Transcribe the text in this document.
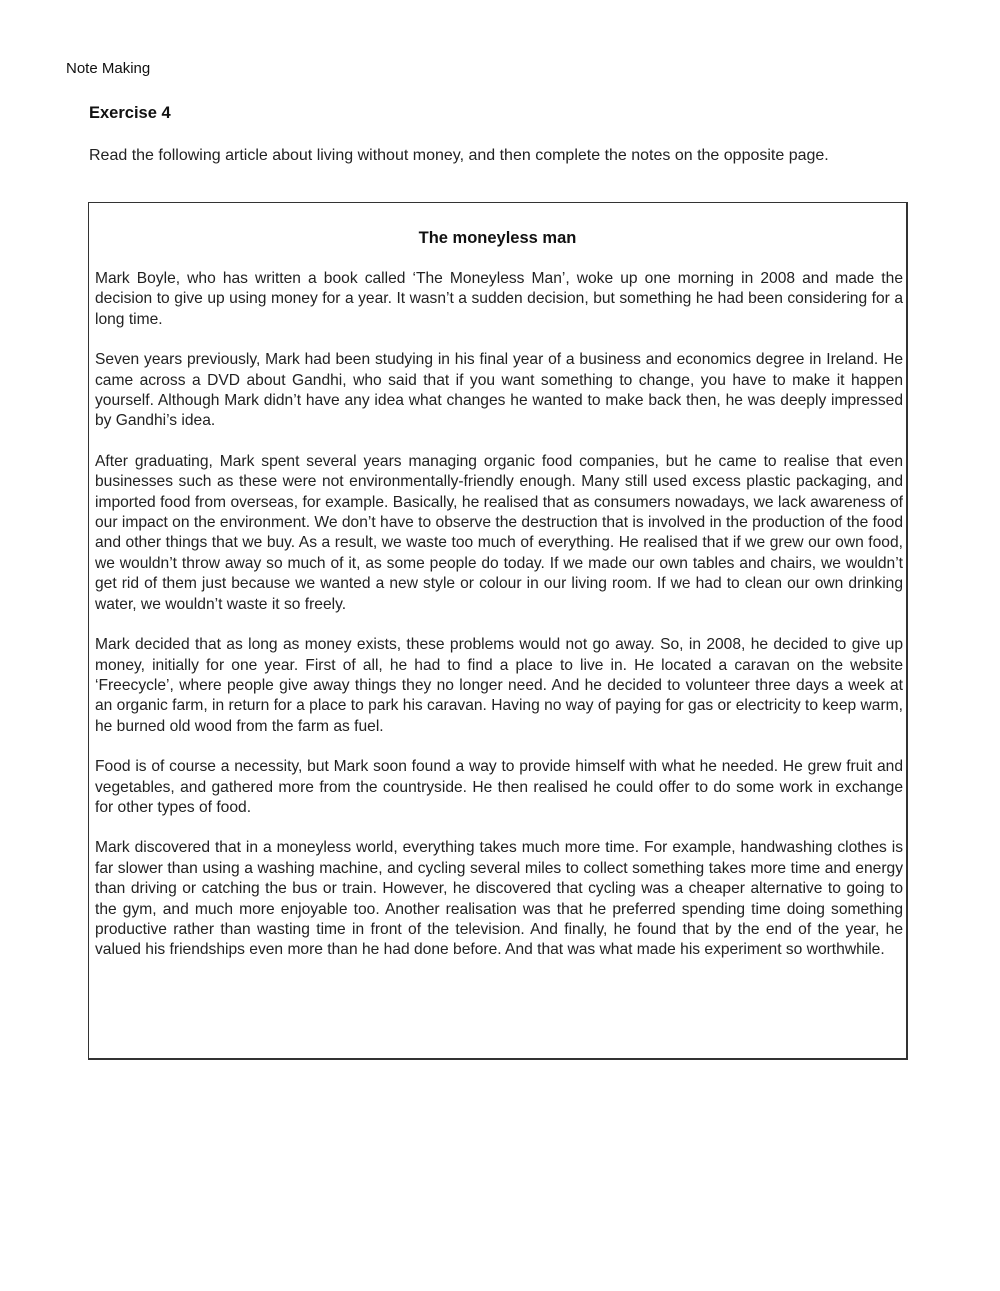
Note Making
Exercise 4

Read the following article about living without money, and then complete the notes on the opposite page.

The moneyless man

Mark Boyle, who has written a book called ‘The Moneyless Man’, woke up one morning in 2008 and made the decision to give up using money for a year. It wasn’t a sudden decision, but something he had been considering for a long time.

Seven years previously, Mark had been studying in his final year of a business and economics degree in Ireland. He came across a DVD about Gandhi, who said that if you want something to change, you have to make it happen yourself. Although Mark didn’t have any idea what changes he wanted to make back then, he was deeply impressed by Gandhi’s idea.

After graduating, Mark spent several years managing organic food companies, but he came to realise that even businesses such as these were not environmentally-friendly enough. Many still used excess plastic packaging, and imported food from overseas, for example. Basically, he realised that as consumers nowadays, we lack awareness of our impact on the environment. We don’t have to observe the destruction that is involved in the production of the food and other things that we buy. As a result, we waste too much of everything. He realised that if we grew our own food, we wouldn’t throw away so much of it, as some people do today. If we made our own tables and chairs, we wouldn’t get rid of them just because we wanted a new style or colour in our living room. If we had to clean our own drinking water, we wouldn’t waste it so freely.

Mark decided that as long as money exists, these problems would not go away. So, in 2008, he decided to give up money, initially for one year. First of all, he had to find a place to live in. He located a caravan on the website ‘Freecycle’, where people give away things they no longer need. And he decided to volunteer three days a week at an organic farm, in return for a place to park his caravan. Having no way of paying for gas or electricity to keep warm, he burned old wood from the farm as fuel.

Food is of course a necessity, but Mark soon found a way to provide himself with what he needed. He grew fruit and vegetables, and gathered more from the countryside. He then realised he could offer to do some work in exchange for other types of food.

Mark discovered that in a moneyless world, everything takes much more time. For example, handwashing clothes is far slower than using a washing machine, and cycling several miles to collect something takes more time and energy than driving or catching the bus or train. However, he discovered that cycling was a cheaper alternative to going to the gym, and much more enjoyable too. Another realisation was that he preferred spending time doing something productive rather than wasting time in front of the television. And finally, he found that by the end of the year, he valued his friendships even more than he had done before. And that was what made his experiment so worthwhile.
